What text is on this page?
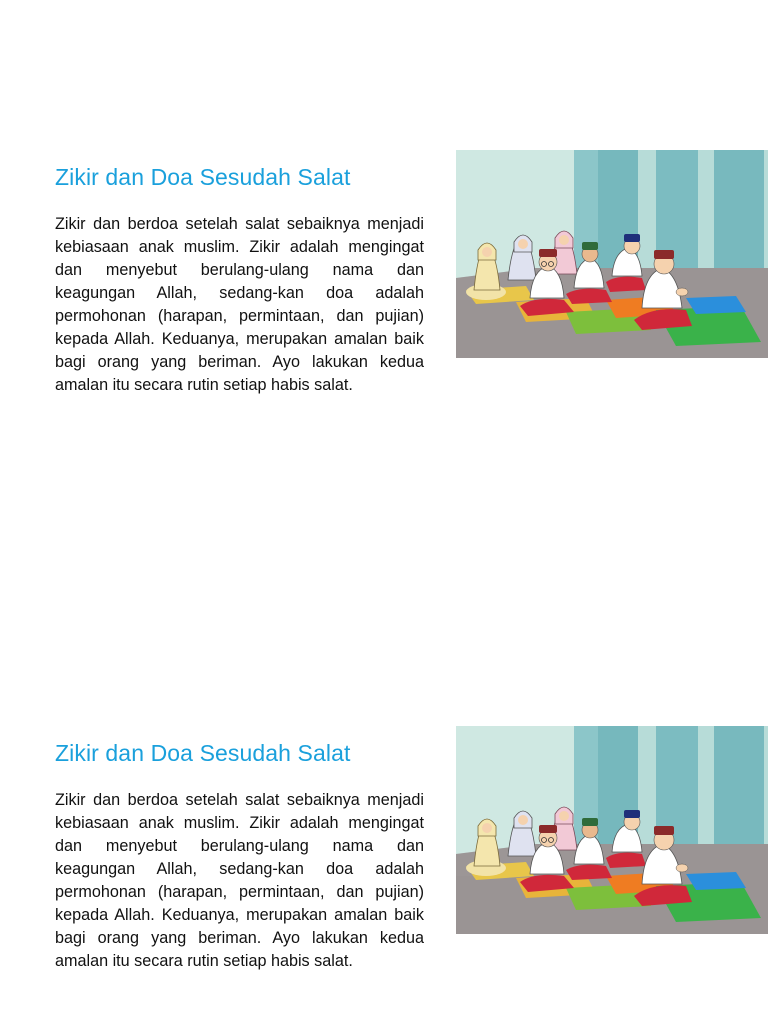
Zikir dan Doa Sesudah Salat

Zikir dan berdoa setelah salat sebaiknya menjadi kebiasaan anak muslim. Zikir adalah mengingat dan menyebut berulang-ulang nama dan keagungan Allah, sedang-kan doa adalah permohonan (harapan, permintaan, dan pujian) kepada Allah. Keduanya, merupakan amalan baik bagi orang yang beriman. Ayo lakukan kedua amalan itu secara rutin setiap habis salat.

Zikir dan Doa Sesudah Salat

Zikir dan berdoa setelah salat sebaiknya menjadi kebiasaan anak muslim. Zikir adalah mengingat dan menyebut berulang-ulang nama dan keagungan Allah, sedang-kan doa adalah permohonan (harapan, permintaan, dan pujian) kepada Allah. Keduanya, merupakan amalan baik bagi orang yang beriman. Ayo lakukan kedua amalan itu secara rutin setiap habis salat.
